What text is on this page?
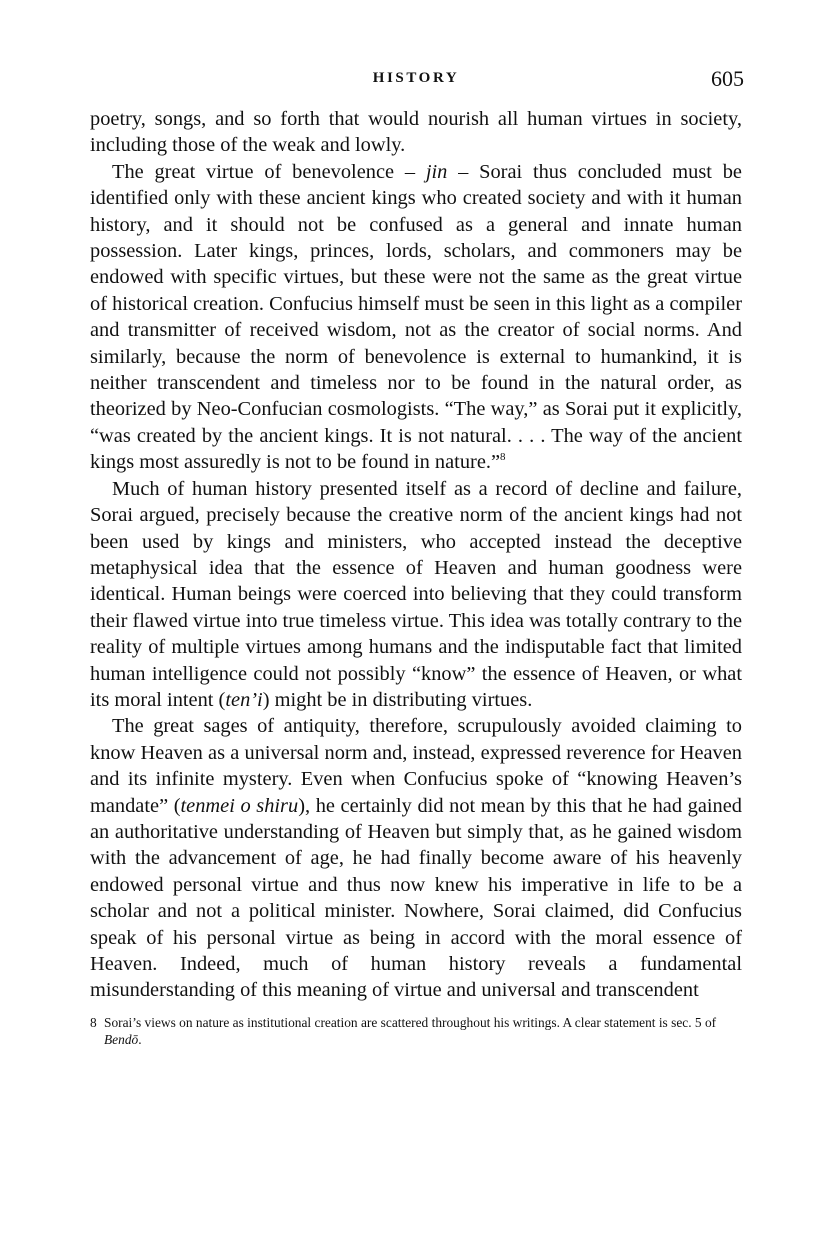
HISTORY	605

poetry, songs, and so forth that would nourish all human virtues in society, including those of the weak and lowly.

The great virtue of benevolence – jin – Sorai thus concluded must be identified only with these ancient kings who created society and with it human history, and it should not be confused as a general and innate human possession. Later kings, princes, lords, scholars, and commoners may be endowed with specific virtues, but these were not the same as the great virtue of historical creation. Confucius himself must be seen in this light as a compiler and transmitter of received wisdom, not as the creator of social norms. And similarly, because the norm of benevolence is external to humankind, it is neither transcendent and timeless nor to be found in the natural order, as theorized by Neo-Confucian cosmologists. “The way,” as Sorai put it explicitly, “was created by the ancient kings. It is not natural. . . . The way of the ancient kings most assuredly is not to be found in nature.”$^8$

Much of human history presented itself as a record of decline and failure, Sorai argued, precisely because the creative norm of the ancient kings had not been used by kings and ministers, who accepted instead the deceptive metaphysical idea that the essence of Heaven and human goodness were identical. Human beings were coerced into believing that they could transform their flawed virtue into true timeless virtue. This idea was totally contrary to the reality of multiple virtues among humans and the indisputable fact that limited human intelligence could not possibly “know” the essence of Heaven, or what its moral intent (ten’i) might be in distributing virtues.

The great sages of antiquity, therefore, scrupulously avoided claiming to know Heaven as a universal norm and, instead, expressed reverence for Heaven and its infinite mystery. Even when Confucius spoke of “knowing Heaven’s mandate” (tenmei o shiru), he certainly did not mean by this that he had gained an authoritative understanding of Heaven but simply that, as he gained wisdom with the advancement of age, he had finally become aware of his heavenly endowed personal virtue and thus now knew his imperative in life to be a scholar and not a political minister. Nowhere, Sorai claimed, did Confucius speak of his personal virtue as being in accord with the moral essence of Heaven. Indeed, much of human history reveals a fundamental misunderstanding of this meaning of virtue and universal and transcendent

8 Sorai’s views on nature as institutional creation are scattered throughout his writings. A clear statement is sec. 5 of Bendō.
